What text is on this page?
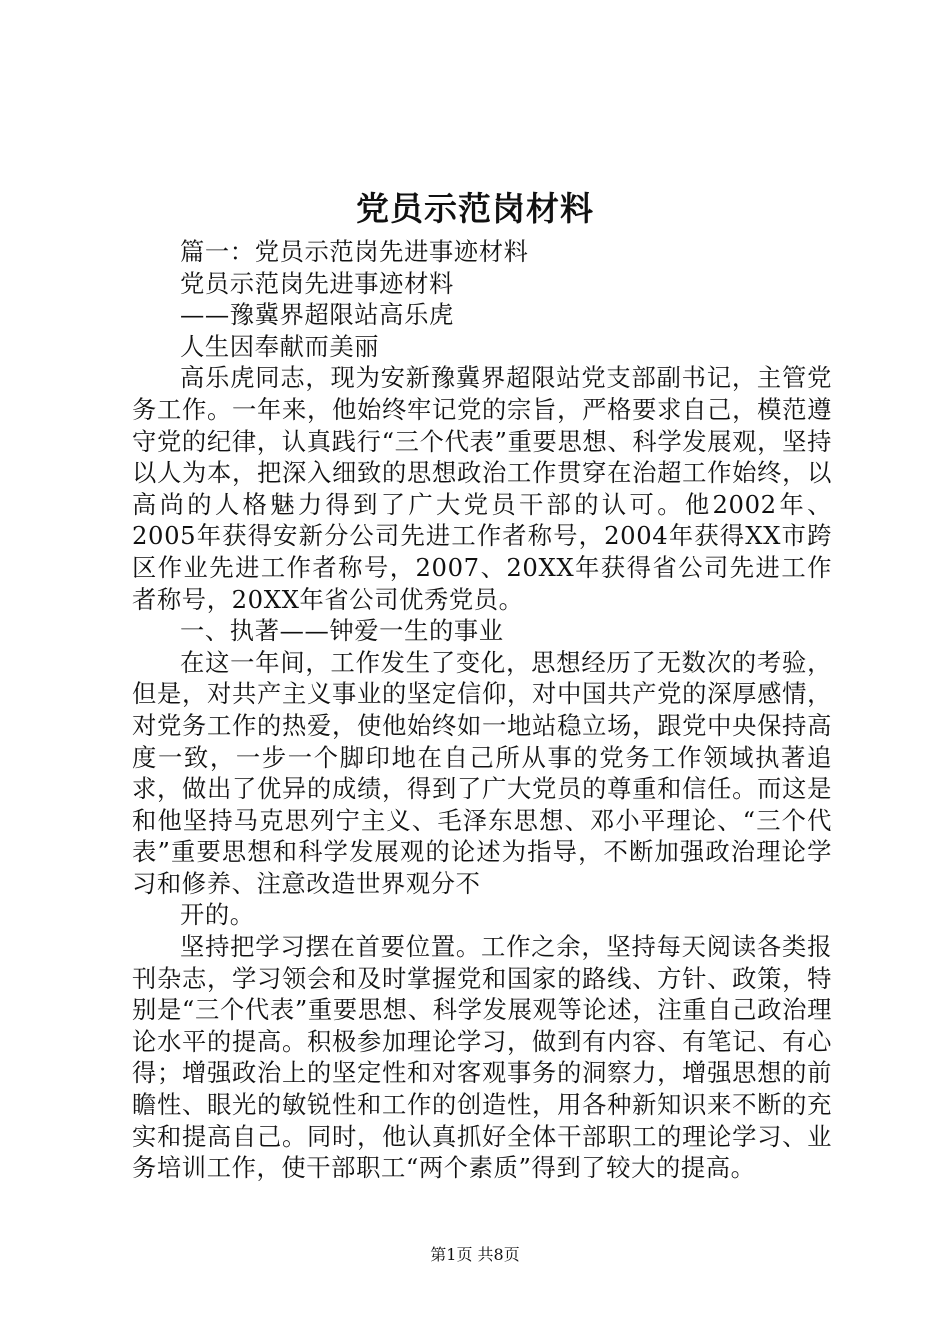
党员示范岗材料

篇一：党员示范岗先进事迹材料

党员示范岗先进事迹材料

——豫冀界超限站高乐虎

人生因奉献而美丽

高乐虎同志，现为安新豫冀界超限站党支部副书记，主管党务工作。一年来，他始终牢记党的宗旨，严格要求自己，模范遵守党的纪律，认真践行“三个代表”重要思想、科学发展观，坚持以人为本，把深入细致的思想政治工作贯穿在治超工作始终，以高尚的人格魅力得到了广大党员干部的认可。他2002年、2005年获得安新分公司先进工作者称号，2004年获得XX市跨区作业先进工作者称号，2007、20XX年获得省公司先进工作者称号，20XX年省公司优秀党员。

一、执著——钟爱一生的事业

在这一年间，工作发生了变化，思想经历了无数次的考验，但是，对共产主义事业的坚定信仰，对中国共产党的深厚感情，对党务工作的热爱，使他始终如一地站稳立场，跟党中央保持高度一致，一步一个脚印地在自己所从事的党务工作领域执著追求，做出了优异的成绩，得到了广大党员的尊重和信任。而这是和他坚持马克思列宁主义、毛泽东思想、邓小平理论、“三个代表”重要思想和科学发展观的论述为指导，不断加强政治理论学习和修养、注意改造世界观分不

开的。

坚持把学习摆在首要位置。工作之余，坚持每天阅读各类报刊杂志，学习领会和及时掌握党和国家的路线、方针、政策，特别是“三个代表”重要思想、科学发展观等论述，注重自己政治理论水平的提高。积极参加理论学习，做到有内容、有笔记、有心得；增强政治上的坚定性和对客观事务的洞察力，增强思想的前瞻性、眼光的敏锐性和工作的创造性，用各种新知识来不断的充实和提高自己。同时，他认真抓好全体干部职工的理论学习、业务培训工作，使干部职工“两个素质”得到了较大的提高。

第1页 共8页
